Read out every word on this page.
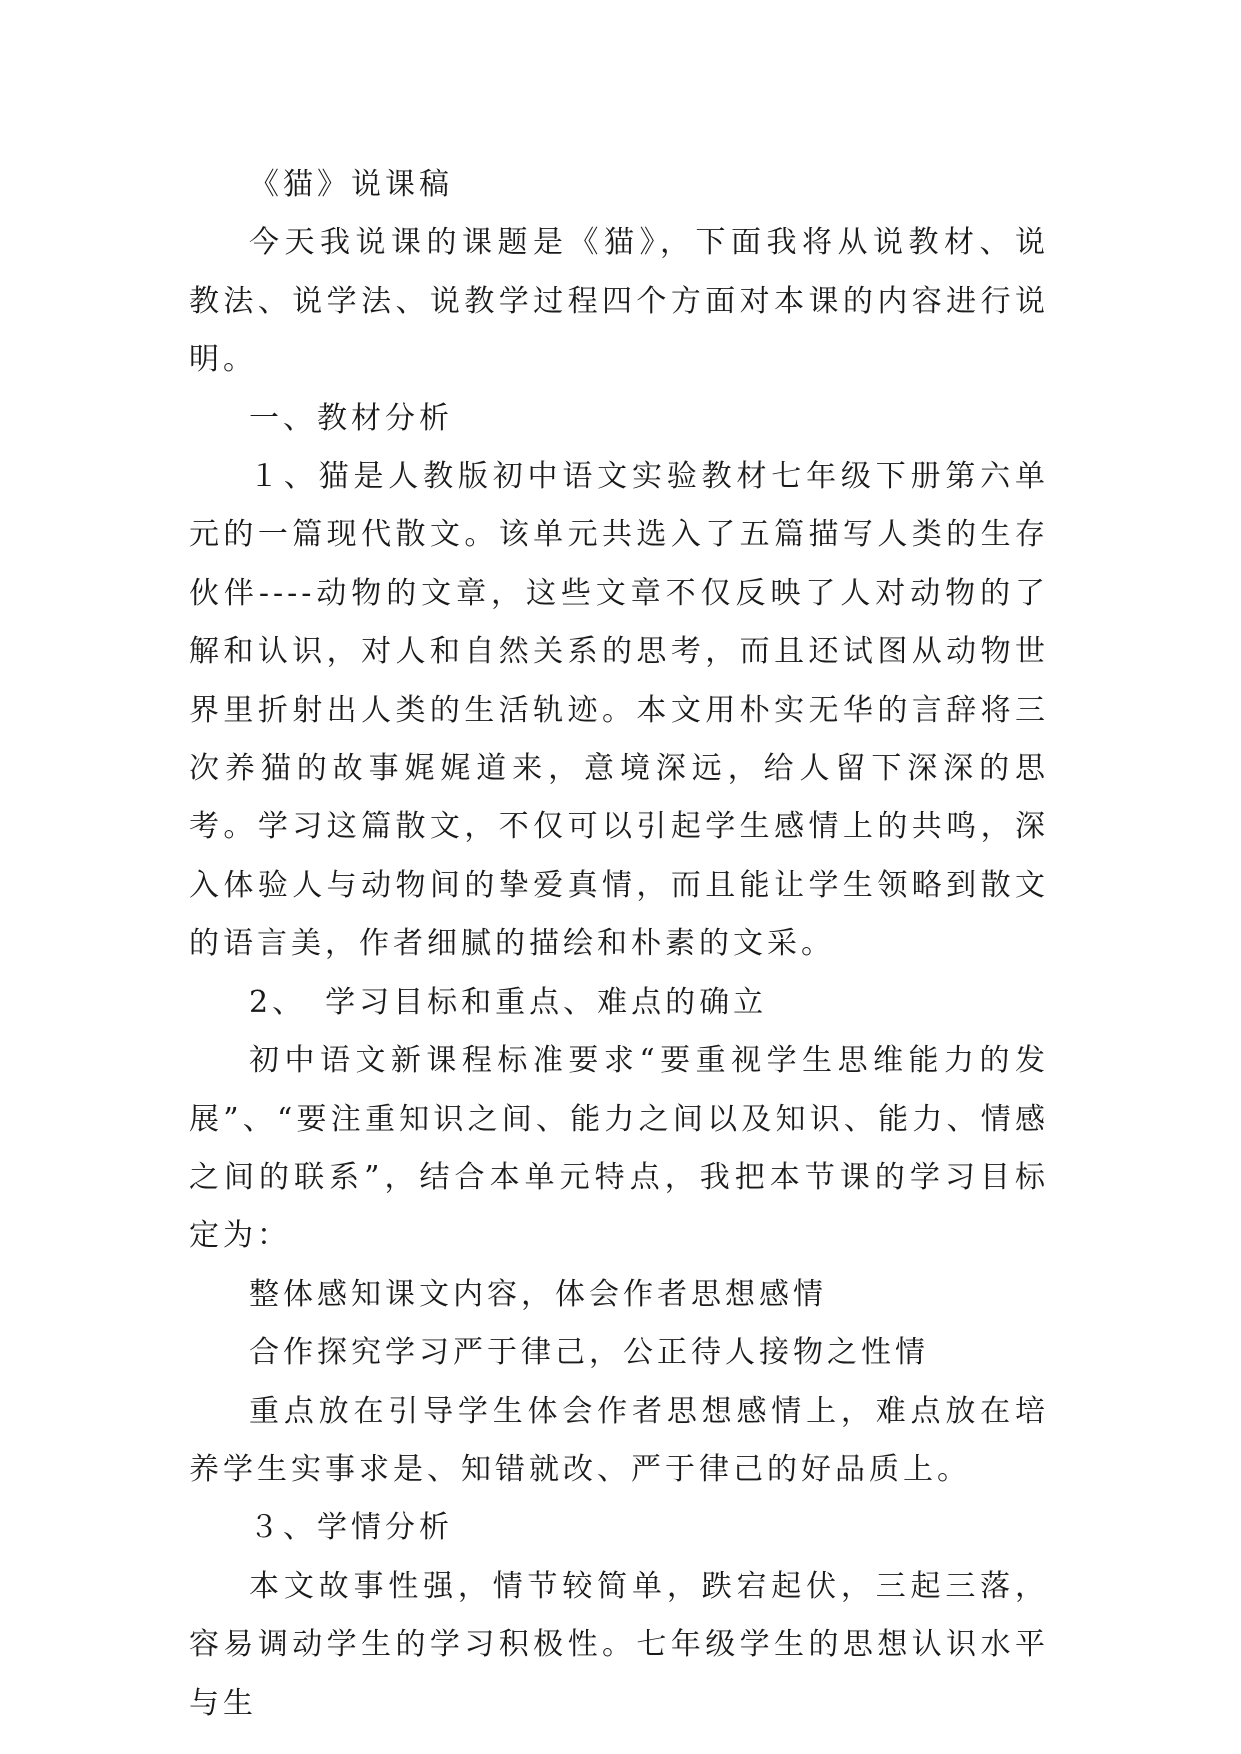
《猫》说课稿

今天我说课的课题是《猫》，下面我将从说教材、说教法、说学法、说教学过程四个方面对本课的内容进行说明。

一、教材分析

１、猫是人教版初中语文实验教材七年级下册第六单元的一篇现代散文。该单元共选入了五篇描写人类的生存伙伴----动物的文章，这些文章不仅反映了人对动物的了解和认识，对人和自然关系的思考，而且还试图从动物世界里折射出人类的生活轨迹。本文用朴实无华的言辞将三次养猫的故事娓娓道来，意境深远，给人留下深深的思考。学习这篇散文，不仅可以引起学生感情上的共鸣，深入体验人与动物间的挚爱真情，而且能让学生领略到散文的语言美，作者细腻的描绘和朴素的文采。

2、　学习目标和重点、难点的确立

初中语文新课程标准要求“要重视学生思维能力的发展”、“要注重知识之间、能力之间以及知识、能力、情感之间的联系”，结合本单元特点，我把本节课的学习目标定为：

整体感知课文内容，体会作者思想感情

合作探究学习严于律己，公正待人接物之性情

重点放在引导学生体会作者思想感情上，难点放在培养学生实事求是、知错就改、严于律己的好品质上。

３、学情分析

本文故事性强，情节较简单，跌宕起伏，三起三落，容易调动学生的学习积极性。七年级学生的思想认识水平与生
